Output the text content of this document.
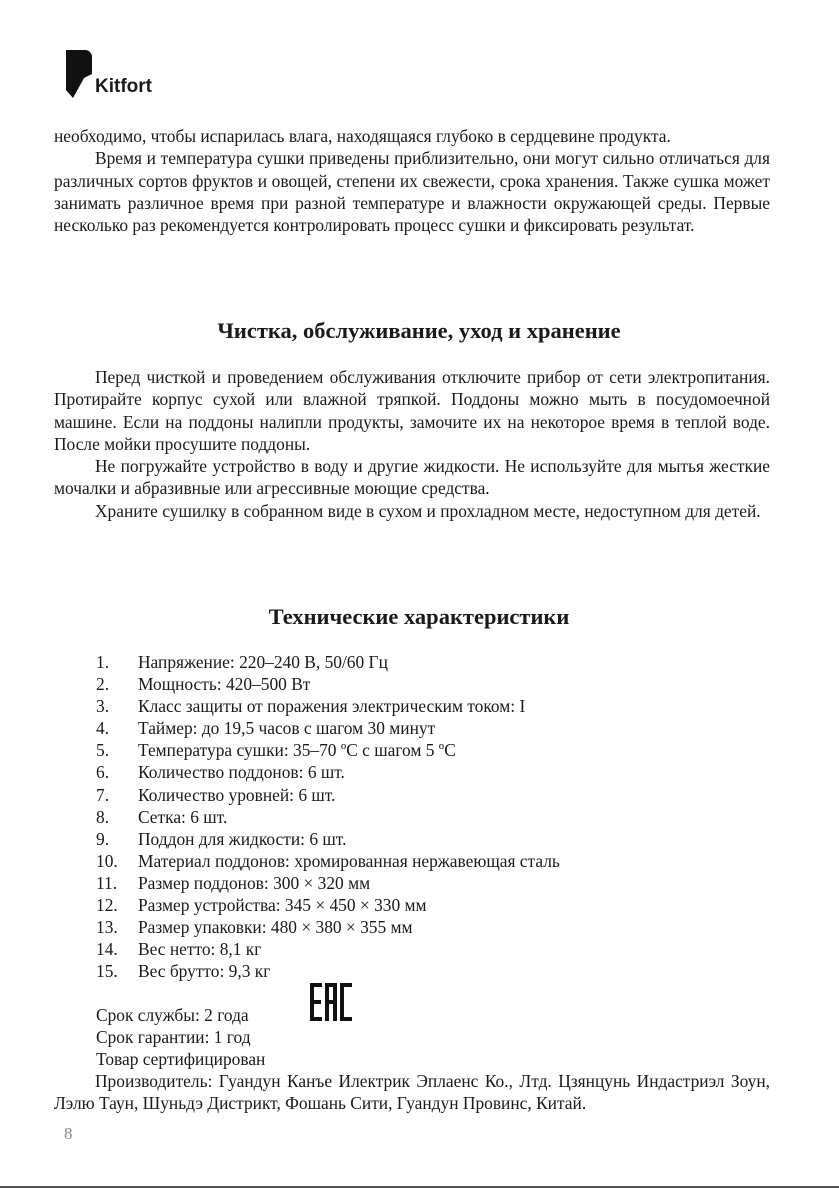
Kitfort

необходимо, чтобы испарилась влага, находящаяся глубоко в сердцевине продукта.

Время и температура сушки приведены приблизительно, они могут сильно отличаться для различных сортов фруктов и овощей, степени их свежести, срока хранения. Также сушка может занимать различное время при разной температуре и влажности окружающей среды. Первые несколько раз рекомендуется контролировать процесс сушки и фиксировать результат.

Чистка, обслуживание, уход и хранение

Перед чисткой и проведением обслуживания отключите прибор от сети электропитания. Протирайте корпус сухой или влажной тряпкой. Поддоны можно мыть в посудомоечной машине. Если на поддоны налипли продукты, замочите их на некоторое время в теплой воде. После мойки просушите поддоны.

Не погружайте устройство в воду и другие жидкости. Не используйте для мытья жесткие мочалки и абразивные или агрессивные моющие средства.

Храните сушилку в собранном виде в сухом и прохладном месте, недоступном для детей.

Технические характеристики
1. Напряжение: 220–240 В, 50/60 Гц
2. Мощность: 420–500 Вт
3. Класс защиты от поражения электрическим током: I
4. Таймер: до 19,5 часов с шагом 30 минут
5. Температура сушки: 35–70 ºС с шагом 5 ºС
6. Количество поддонов: 6 шт.
7. Количество уровней: 6 шт.
8. Сетка: 6 шт.
9. Поддон для жидкости: 6 шт.
10. Материал поддонов: хромированная нержавеющая сталь
11. Размер поддонов: 300 × 320 мм
12. Размер устройства: 345 × 450 × 330 мм
13. Размер упаковки: 480 × 380 × 355 мм
14. Вес нетто: 8,1 кг
15. Вес брутто: 9,3 кг

Срок службы: 2 года

Срок гарантии: 1 год

Товар сертифицирован

Производитель: Гуандун Канъе Илектрик Эплаенс Ко., Лтд. Цзянцунь Индастриэл Зоун, Лэлю Таун, Шуньдэ Дистрикт, Фошань Сити, Гуандун Провинс, Китай.

8
